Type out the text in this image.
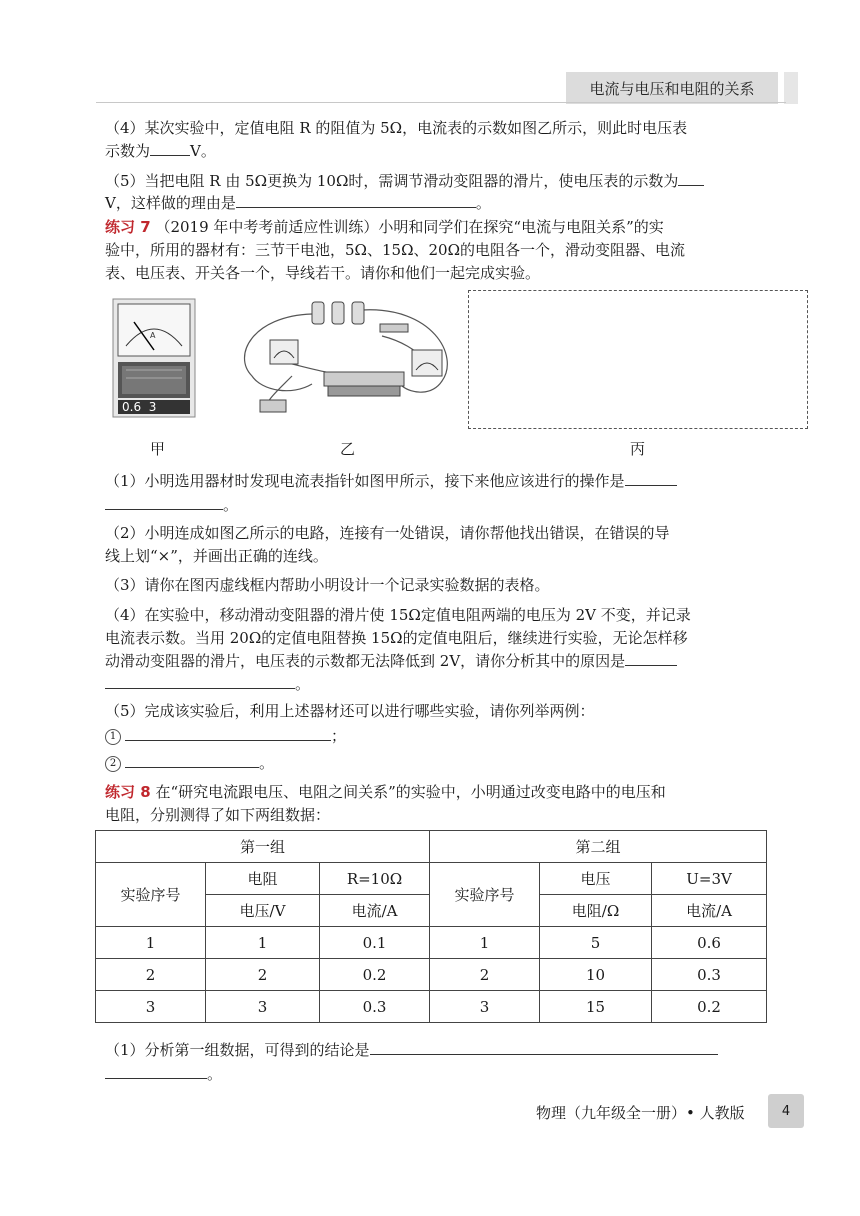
电流与电压和电阻的关系
（4）某次实验中，定值电阻 R 的阻值为 5Ω，电流表的示数如图乙所示，则此时电压表
示数为	V。
（5）当把电阻 R 由 5Ω更换为 10Ω时，需调节滑动变阻器的滑片，使电压表的示数为
V，这样做的理由是	。
练习 7 （2019 年中考考前适应性训练）小明和同学们在探究“电流与电阻关系”的实
验中，所用的器材有：三节干电池，5Ω、15Ω、20Ω的电阻各一个，滑动变阻器、电流
表、电压表、开关各一个，导线若干。请你和他们一起完成实验。
A
0.6  3
甲	乙	丙
（1）小明选用器材时发现电流表指针如图甲所示，接下来他应该进行的操作是
。
（2）小明连成如图乙所示的电路，连接有一处错误，请你帮他找出错误，在错误的导
线上划“×”，并画出正确的连线。
（3）请你在图丙虚线框内帮助小明设计一个记录实验数据的表格。
（4）在实验中，移动滑动变阻器的滑片使 15Ω定值电阻两端的电压为 2V 不变，并记录
电流表示数。当用 20Ω的定值电阻替换 15Ω的定值电阻后，继续进行实验，无论怎样移
动滑动变阻器的滑片，电压表的示数都无法降低到 2V，请你分析其中的原因是
。
（5）完成该实验后，利用上述器材还可以进行哪些实验，请你列举两例：
1	；
2	。
练习 8 在“研究电流跟电压、电阻之间关系”的实验中，小明通过改变电路中的电压和
电阻，分别测得了如下两组数据：
第一组			第二组		
实验序号	电阻	R=10Ω	实验序号	电压	U=3V
	电压/V	电流/A		电阻/Ω	电流/A
1	1	0.1	1	5	0.6
2	2	0.2	2	10	0.3
3	3	0.3	3	15	0.2
（1）分析第一组数据，可得到的结论是
。
物理（九年级全一册）• 人教版	4
